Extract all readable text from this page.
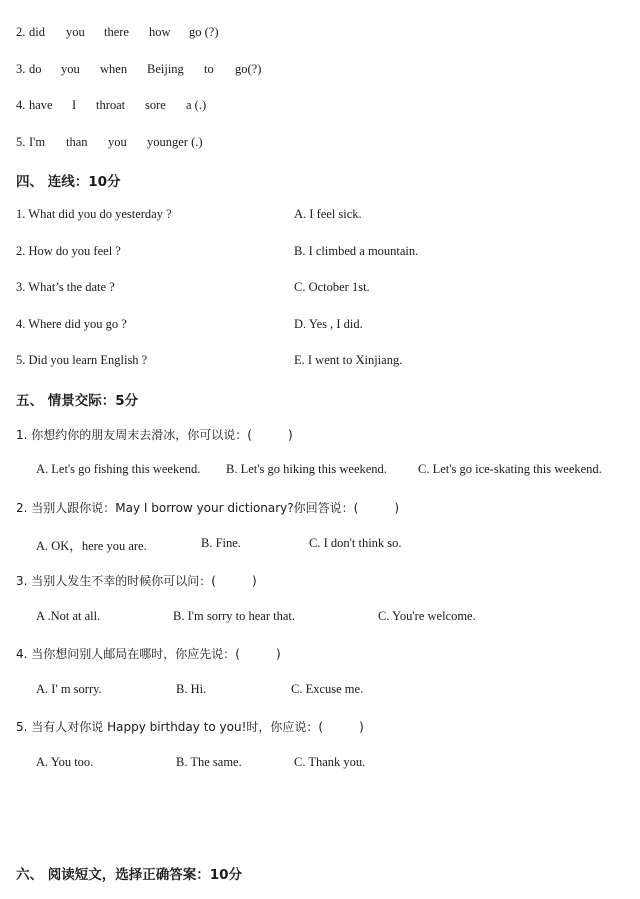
2. did you there how go (?)
3. do you when Beijing to go(?)
4. have I throat sore a (.)
5. I'm than you younger (.)
四、 连线：10分
1. What did you do yesterday ?	A. I feel sick.
2. How do you feel ?	B. I climbed a mountain.
3. What’s the date ?	C. October 1st.
4. Where did you go ?	D. Yes , I did.
5. Did you learn English ?	E. I went to Xinjiang.
五、 情景交际：5分
1. 你想约你的朋友周末去滑冰，你可以说：(　　　)
A. Let's go fishing this weekend. B. Let's go hiking this weekend. C. Let's go ice-skating this weekend.
2. 当别人跟你说：May I borrow your dictionary?你回答说：(　　　)
A. OK，here you are.	B. Fine.	C. I don't think so.
3. 当别人发生不幸的时候你可以问：(　　　)
A .Not at all.	B. I'm sorry to hear that.	C. You're welcome.
4. 当你想问别人邮局在哪时，你应先说：(　　　)
A. I' m sorry.	B. Hi.	C. Excuse me.
5. 当有人对你说 Happy birthday to you!时，你应说：(　　　)
A. You too.	B. The same.	C. Thank you.
六、 阅读短文，选择正确答案：10分
